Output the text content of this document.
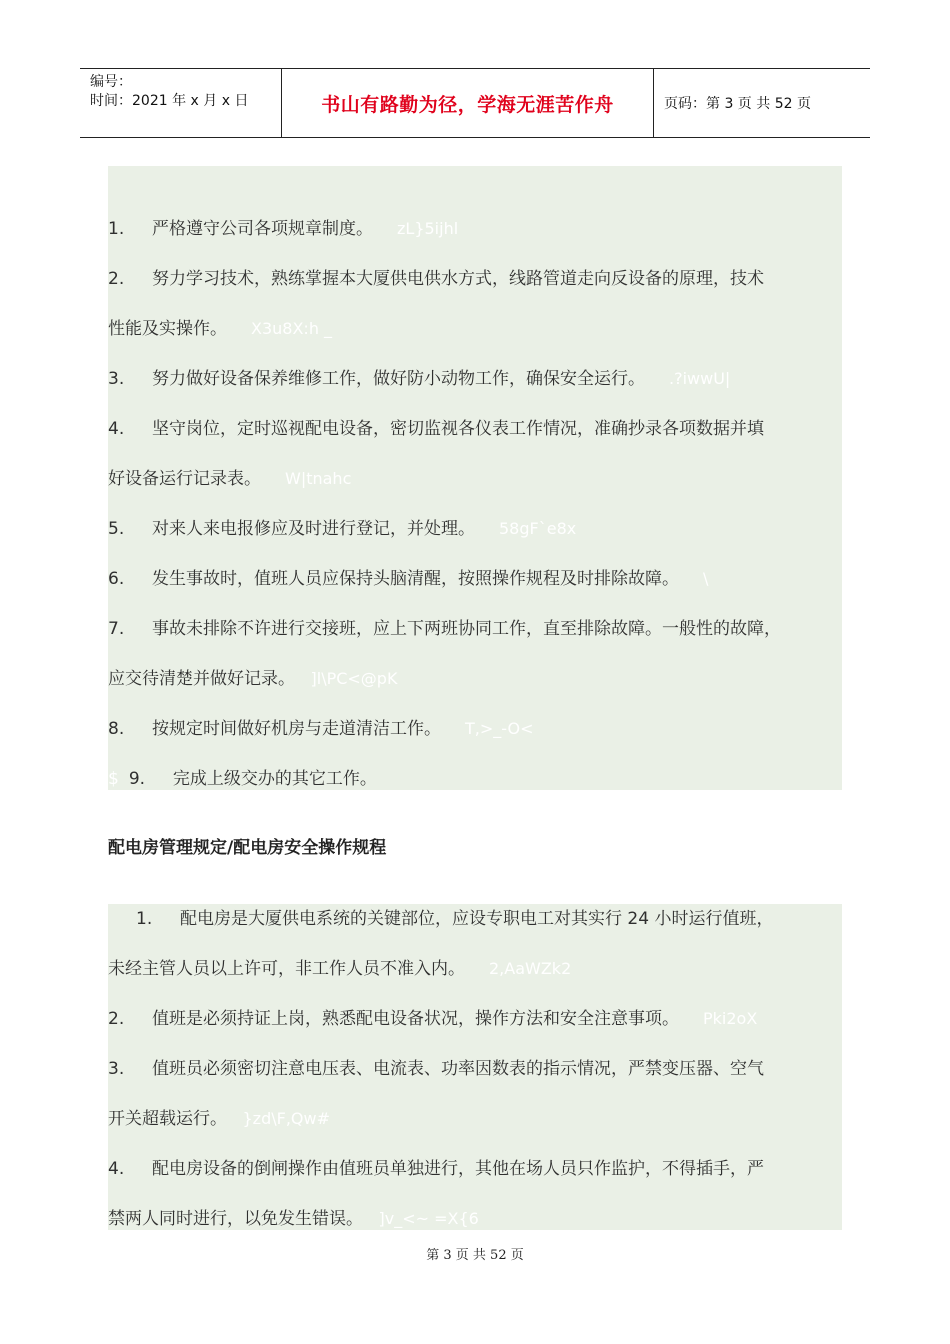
编号：
时间：2021 年 x 月 x 日	书山有路勤为径，学海无涯苦作舟	页码：第 3 页 共 52 页
1. 严格遵守公司各项规章制度。 zL}5ijhl
2. 努力学习技术，熟练掌握本大厦供电供水方式，线路管道走向反设备的原理，技术
性能及实操作。 X3u8X:h _
3. 努力做好设备保养维修工作，做好防小动物工作，确保安全运行。 .?iwwU|
4. 坚守岗位，定时巡视配电设备，密切监视各仪表工作情况，准确抄录各项数据并填
好设备运行记录表。 W|tnahc
5. 对来人来电报修应及时进行登记，并处理。 58gF`e8x
6. 发生事故时，值班人员应保持头脑清醒，按照操作规程及时排除故障。 \
7. 事故未排除不许进行交接班，应上下两班协同工作，直至排除故障。一般性的故障，
应交待清楚并做好记录。 ]l\PC<@pK
8. 按规定时间做好机房与走道清洁工作。 T,>_-O<
$ 9. 完成上级交办的其它工作。
配电房管理规定/配电房安全操作规程
1. 配电房是大厦供电系统的关键部位，应设专职电工对其实行 24 小时运行值班，
未经主管人员以上许可，非工作人员不准入内。 2,AaWZk2
2. 值班是必须持证上岗，熟悉配电设备状况，操作方法和安全注意事项。 Pki2oX
3. 值班员必须密切注意电压表、电流表、功率因数表的指示情况，严禁变压器、空气
开关超载运行。 }zd\F,Qw#
4. 配电房设备的倒闸操作由值班员单独进行，其他在场人员只作监护，不得插手，严
禁两人同时进行，以免发生错误。 ]v_<~ =X{6
第 3 页 共 52 页
